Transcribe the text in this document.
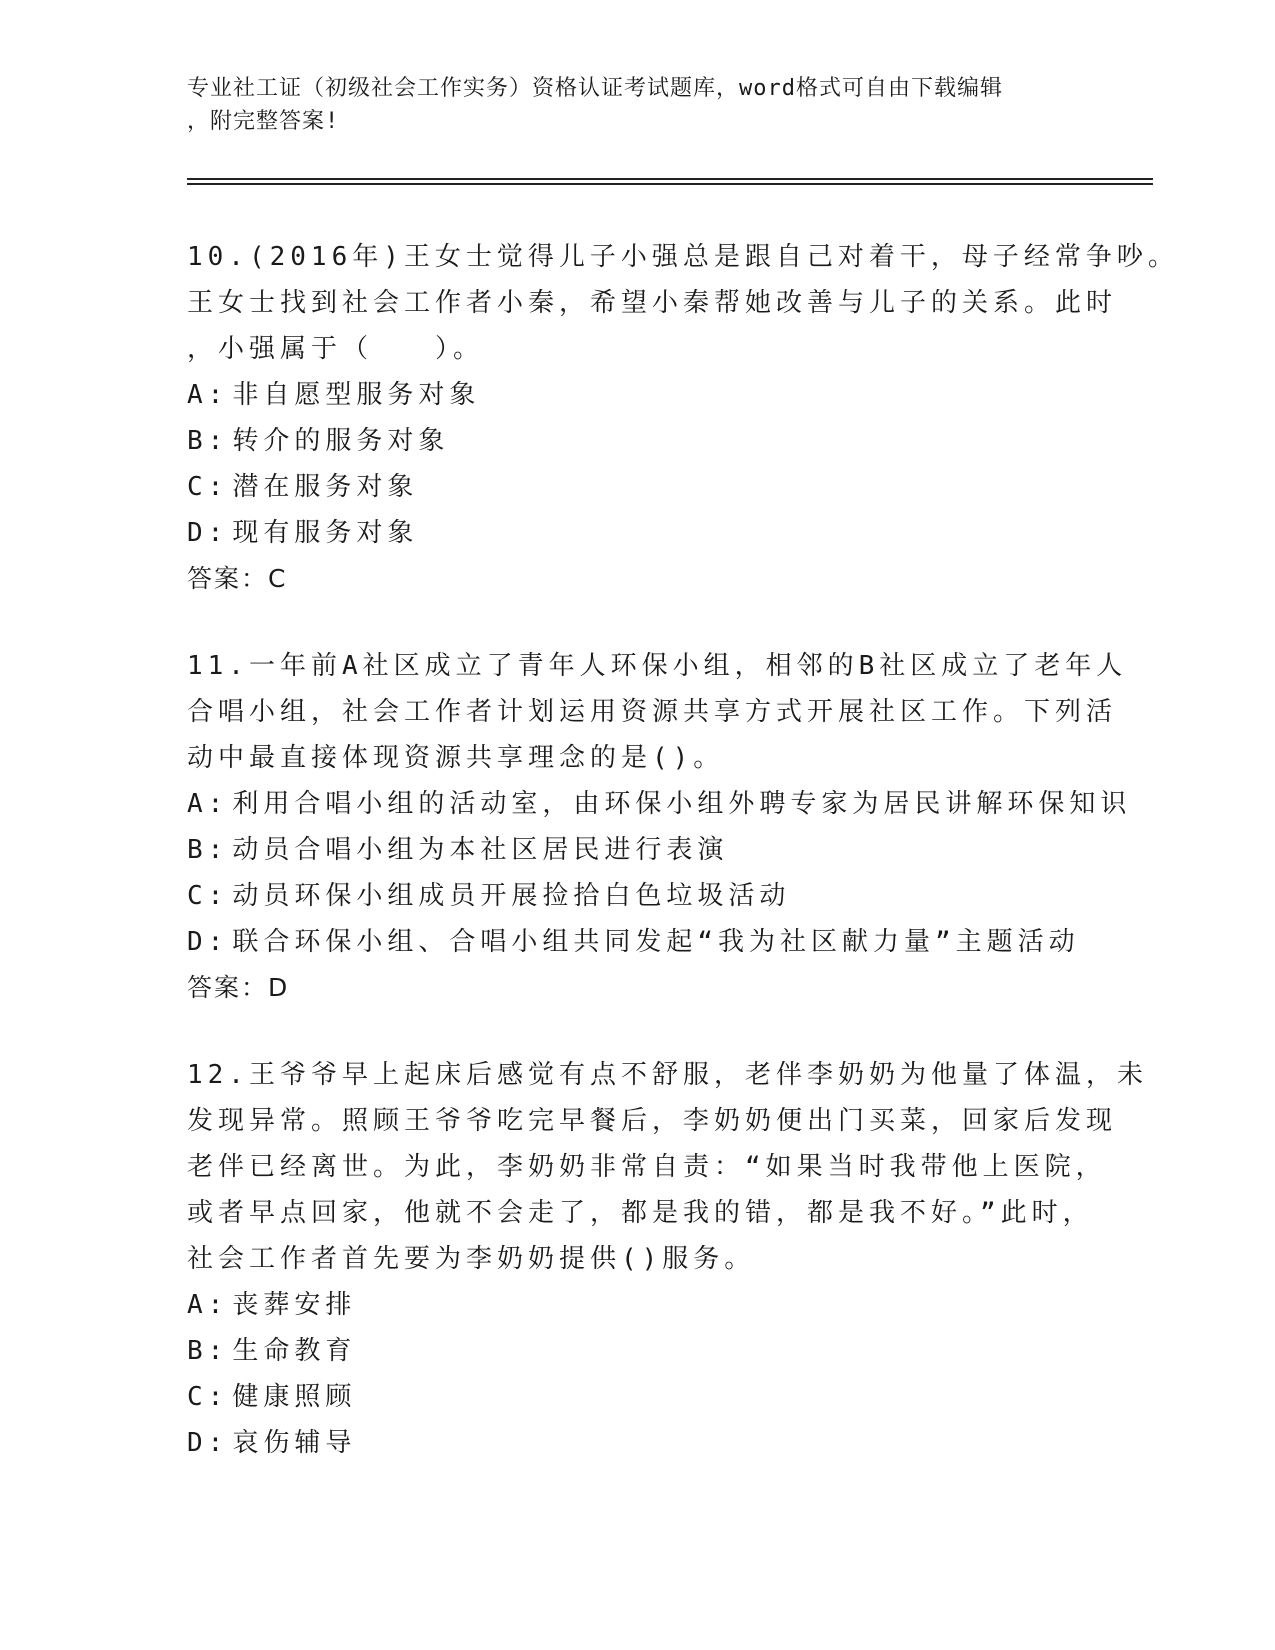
专业社工证（初级社会工作实务）资格认证考试题库，word格式可自由下载编辑

，附完整答案!

10.(2016年)王女士觉得儿子小强总是跟自己对着干，母子经常争吵。

王女士找到社会工作者小秦，希望小秦帮她改善与儿子的关系。此时

，小强属于（　　）。

A: 非自愿型服务对象
B: 转介的服务对象
C: 潜在服务对象
D: 现有服务对象
答案：C

11.一年前A社区成立了青年人环保小组，相邻的B社区成立了老年人

合唱小组，社会工作者计划运用资源共享方式开展社区工作。下列活

动中最直接体现资源共享理念的是()。

A: 利用合唱小组的活动室，由环保小组外聘专家为居民讲解环保知识
B: 动员合唱小组为本社区居民进行表演
C: 动员环保小组成员开展捡拾白色垃圾活动
D: 联合环保小组、合唱小组共同发起“我为社区献力量”主题活动
答案：D

12.王爷爷早上起床后感觉有点不舒服，老伴李奶奶为他量了体温，未

发现异常。照顾王爷爷吃完早餐后，李奶奶便出门买菜，回家后发现

老伴已经离世。为此，李奶奶非常自责：“如果当时我带他上医院，

或者早点回家，他就不会走了，都是我的错，都是我不好。”此时，

社会工作者首先要为李奶奶提供()服务。

A: 丧葬安排
B: 生命教育
C: 健康照顾
D: 哀伤辅导
